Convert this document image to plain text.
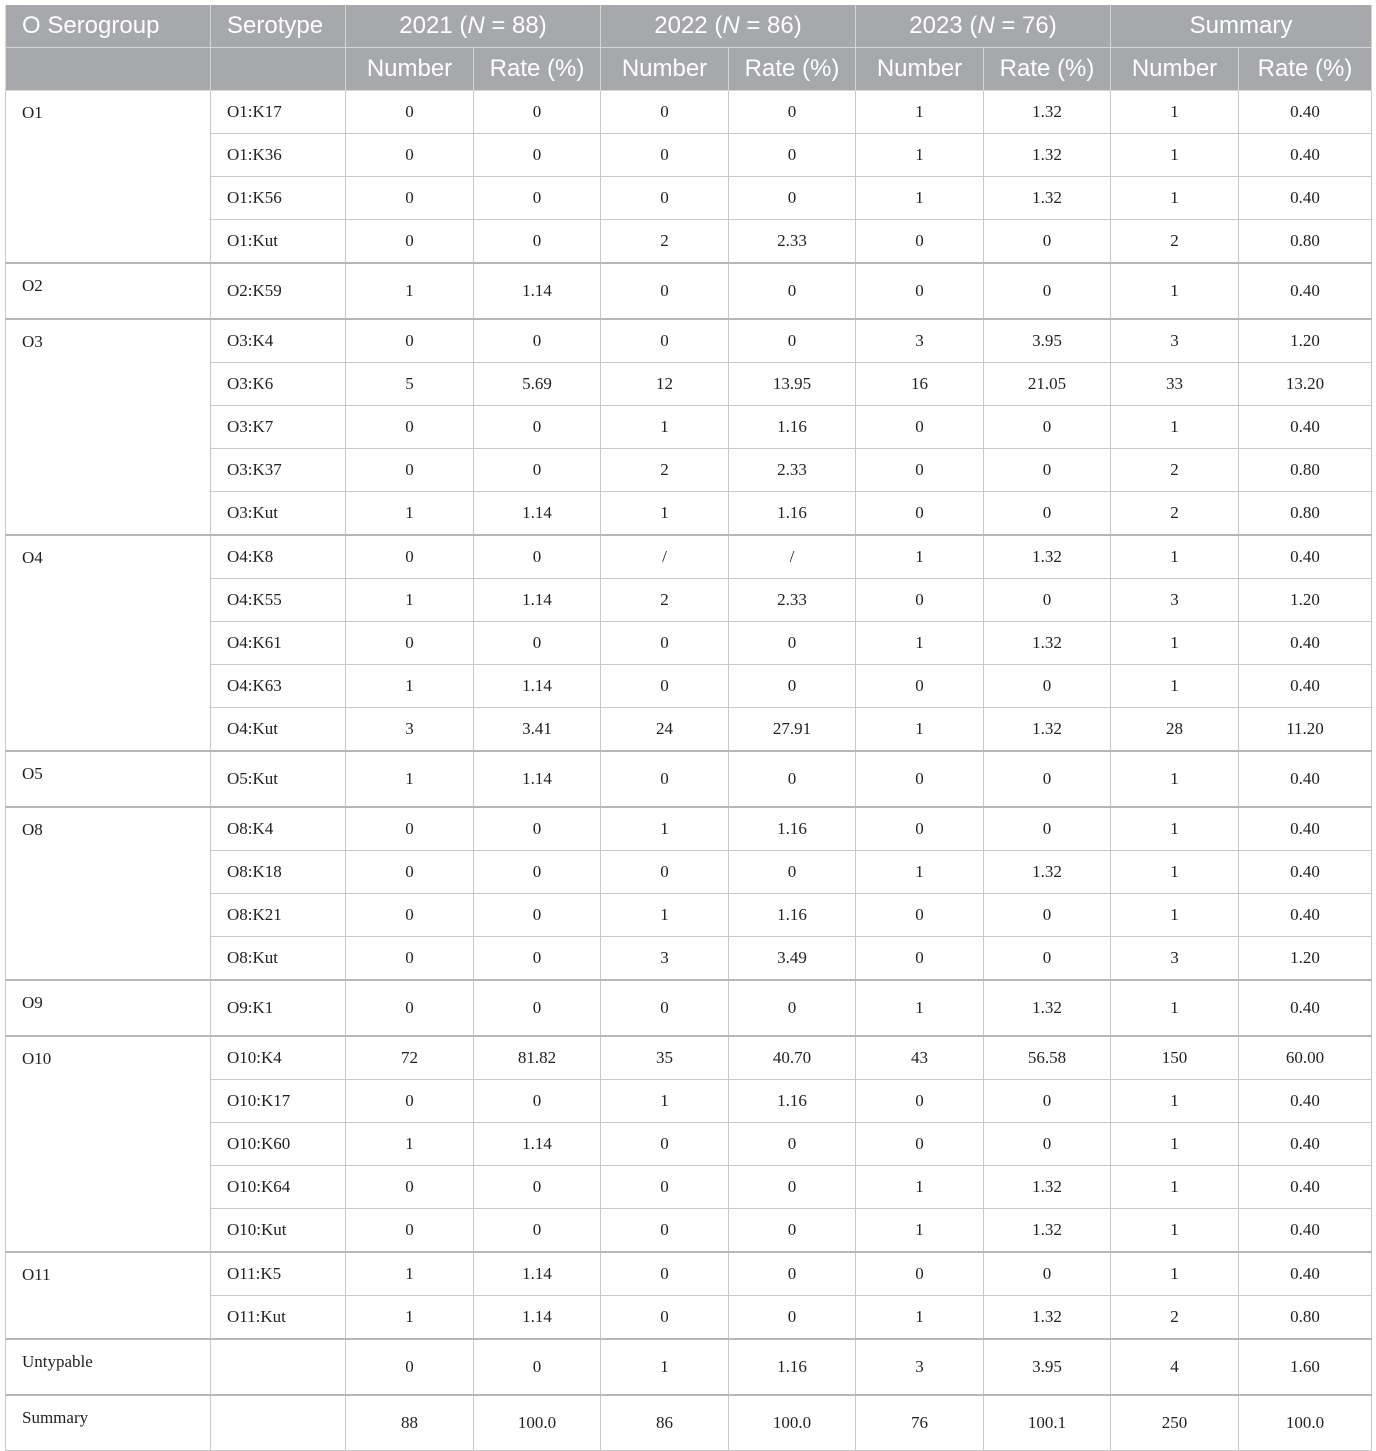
O Serogroup	Serotype	2021 (N = 88)		2022 (N = 86)		2023 (N = 76)		Summary	
		Number	Rate (%)	Number	Rate (%)	Number	Rate (%)	Number	Rate (%)
O1	O1:K17	0	0	0	0	1	1.32	1	0.40
	O1:K36	0	0	0	0	1	1.32	1	0.40
	O1:K56	0	0	0	0	1	1.32	1	0.40
	O1:Kut	0	0	2	2.33	0	0	2	0.80
O2	O2:K59	1	1.14	0	0	0	0	1	0.40
O3	O3:K4	0	0	0	0	3	3.95	3	1.20
	O3:K6	5	5.69	12	13.95	16	21.05	33	13.20
	O3:K7	0	0	1	1.16	0	0	1	0.40
	O3:K37	0	0	2	2.33	0	0	2	0.80
	O3:Kut	1	1.14	1	1.16	0	0	2	0.80
O4	O4:K8	0	0	/	/	1	1.32	1	0.40
	O4:K55	1	1.14	2	2.33	0	0	3	1.20
	O4:K61	0	0	0	0	1	1.32	1	0.40
	O4:K63	1	1.14	0	0	0	0	1	0.40
	O4:Kut	3	3.41	24	27.91	1	1.32	28	11.20
O5	O5:Kut	1	1.14	0	0	0	0	1	0.40
O8	O8:K4	0	0	1	1.16	0	0	1	0.40
	O8:K18	0	0	0	0	1	1.32	1	0.40
	O8:K21	0	0	1	1.16	0	0	1	0.40
	O8:Kut	0	0	3	3.49	0	0	3	1.20
O9	O9:K1	0	0	0	0	1	1.32	1	0.40
O10	O10:K4	72	81.82	35	40.70	43	56.58	150	60.00
	O10:K17	0	0	1	1.16	0	0	1	0.40
	O10:K60	1	1.14	0	0	0	0	1	0.40
	O10:K64	0	0	0	0	1	1.32	1	0.40
	O10:Kut	0	0	0	0	1	1.32	1	0.40
O11	O11:K5	1	1.14	0	0	0	0	1	0.40
	O11:Kut	1	1.14	0	0	1	1.32	2	0.80
Untypable		0	0	1	1.16	3	3.95	4	1.60
Summary		88	100.0	86	100.0	76	100.1	250	100.0
